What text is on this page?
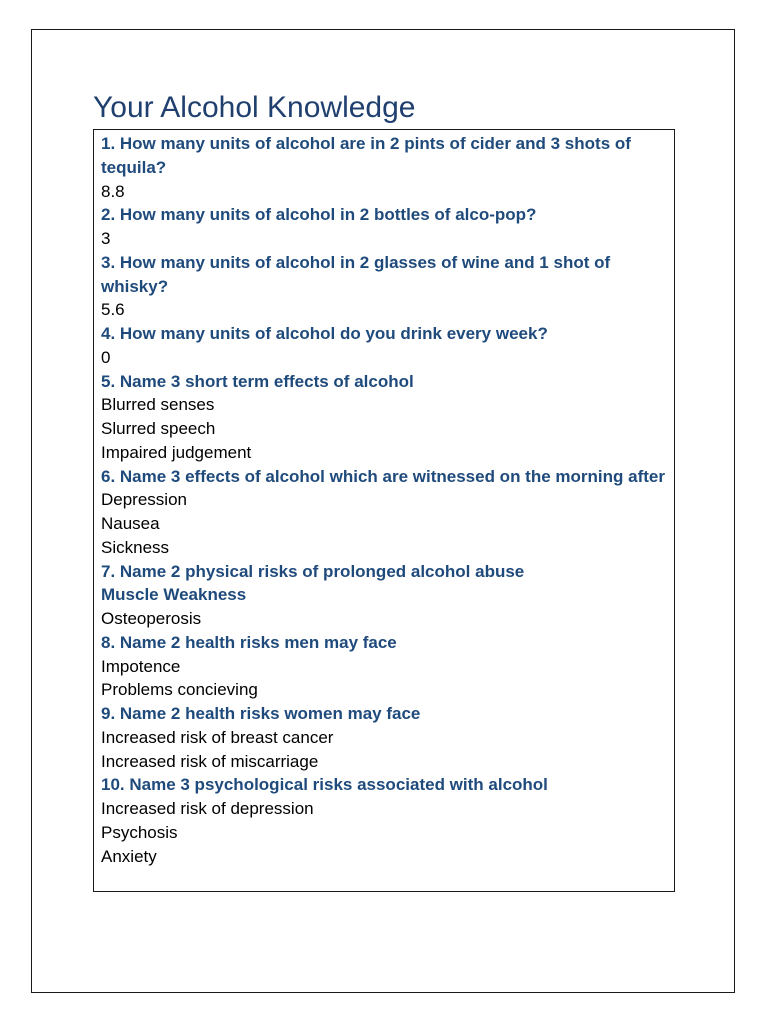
Your Alcohol Knowledge
1. How many units of alcohol are in 2 pints of cider and 3 shots of tequila?
8.8
2. How many units of alcohol in 2 bottles of alco-pop?
3
3. How many units of alcohol in 2 glasses of wine and 1 shot of whisky?
5.6
4. How many units of alcohol do you drink every week?
0
5. Name 3 short term effects of alcohol
Blurred senses
Slurred speech
Impaired judgement
6. Name 3 effects of alcohol which are witnessed on the morning after
Depression
Nausea
Sickness
7. Name 2 physical risks of prolonged alcohol abuse
Muscle Weakness
Osteoperosis
8. Name 2 health risks men may face
Impotence
Problems concieving
9. Name 2 health risks women may face
Increased risk of breast cancer
Increased risk of miscarriage
10. Name 3 psychological risks associated with alcohol
Increased risk of depression
Psychosis
Anxiety
